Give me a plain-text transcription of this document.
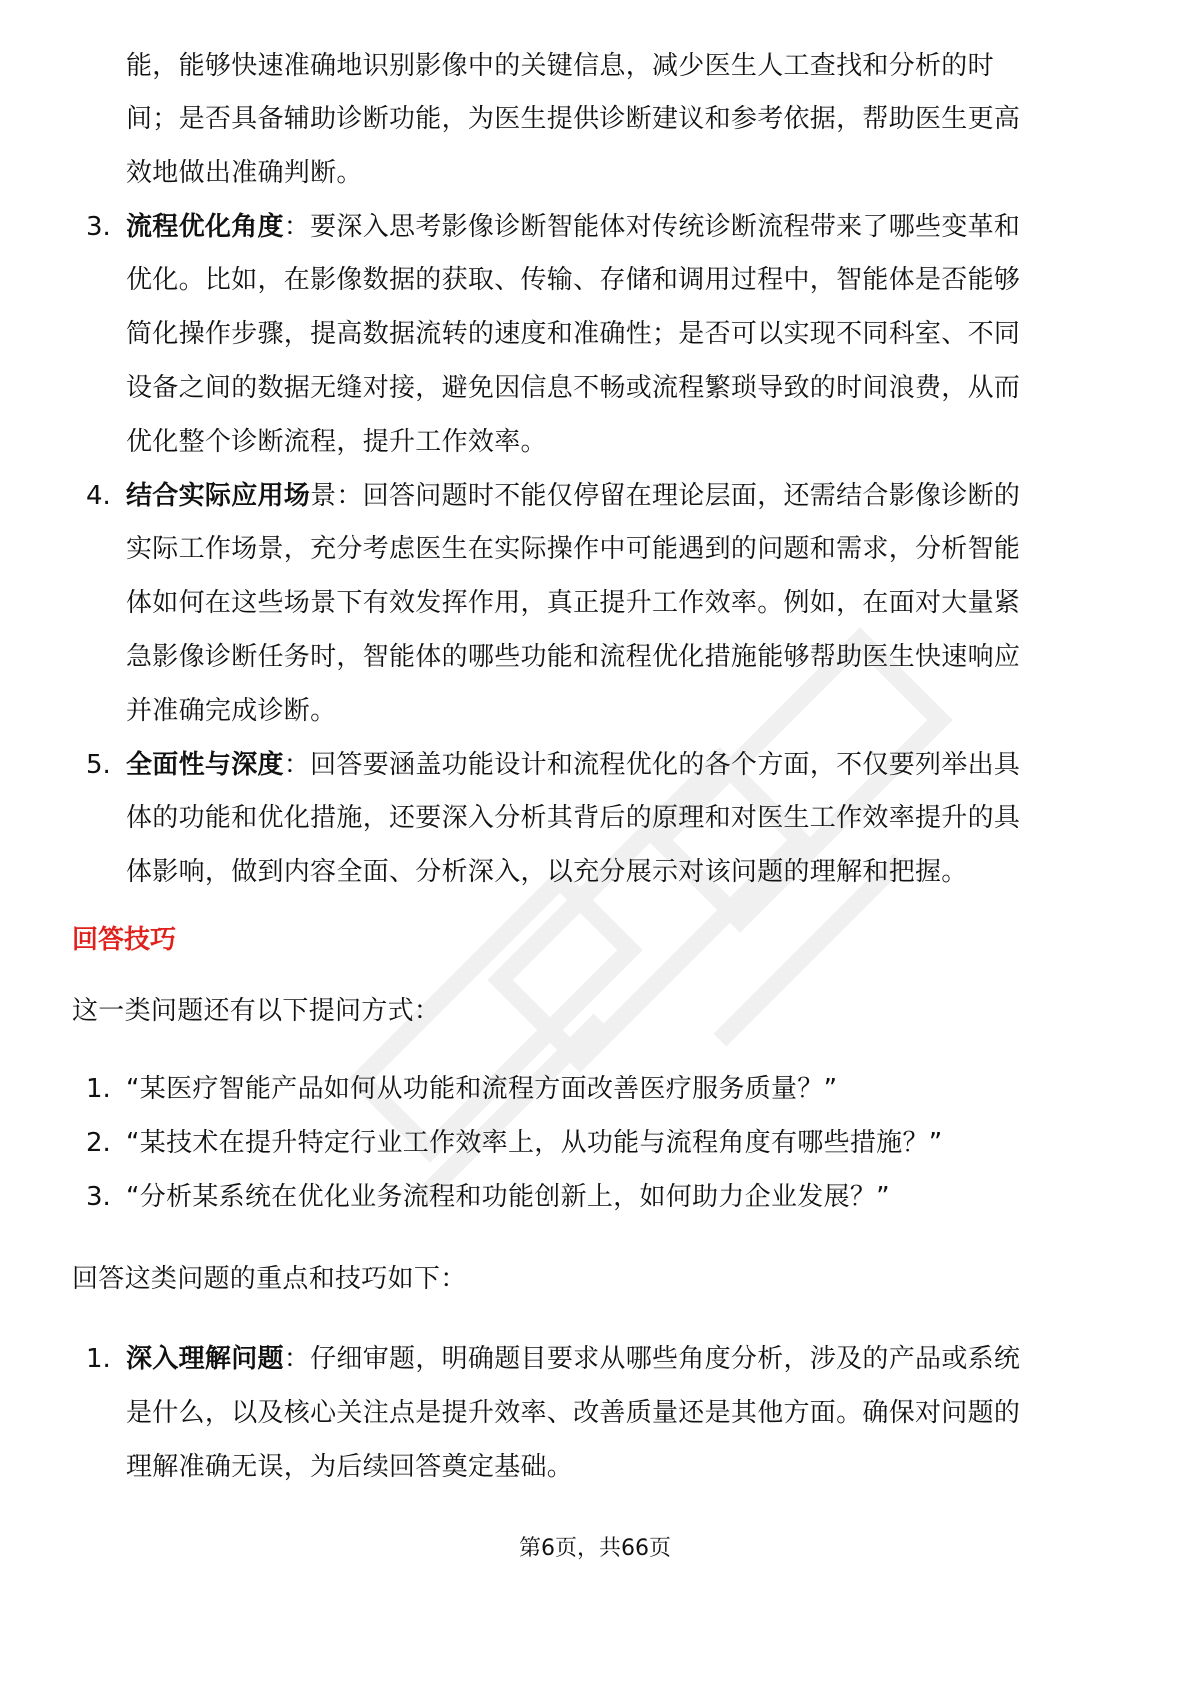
能，能够快速准确地识别影像中的关键信息，减少医生人工查找和分析的时
间；是否具备辅助诊断功能，为医生提供诊断建议和参考依据，帮助医生更高
效地做出准确判断。
3. 流程优化角度：要深入思考影像诊断智能体对传统诊断流程带来了哪些变革和
优化。比如，在影像数据的获取、传输、存储和调用过程中，智能体是否能够
简化操作步骤，提高数据流转的速度和准确性；是否可以实现不同科室、不同
设备之间的数据无缝对接，避免因信息不畅或流程繁琐导致的时间浪费，从而
优化整个诊断流程，提升工作效率。
4. 结合实际应用场景：回答问题时不能仅停留在理论层面，还需结合影像诊断的
实际工作场景，充分考虑医生在实际操作中可能遇到的问题和需求，分析智能
体如何在这些场景下有效发挥作用，真正提升工作效率。例如，在面对大量紧
急影像诊断任务时，智能体的哪些功能和流程优化措施能够帮助医生快速响应
并准确完成诊断。
5. 全面性与深度：回答要涵盖功能设计和流程优化的各个方面，不仅要列举出具
体的功能和优化措施，还要深入分析其背后的原理和对医生工作效率提升的具
体影响，做到内容全面、分析深入，以充分展示对该问题的理解和把握。
回答技巧
这一类问题还有以下提问方式：
1. “某医疗智能产品如何从功能和流程方面改善医疗服务质量？”
2. “某技术在提升特定行业工作效率上，从功能与流程角度有哪些措施？”
3. “分析某系统在优化业务流程和功能创新上，如何助力企业发展？”
回答这类问题的重点和技巧如下：
1. 深入理解问题：仔细审题，明确题目要求从哪些角度分析，涉及的产品或系统
是什么，以及核心关注点是提升效率、改善质量还是其他方面。确保对问题的
理解准确无误，为后续回答奠定基础。
第6页，共66页
